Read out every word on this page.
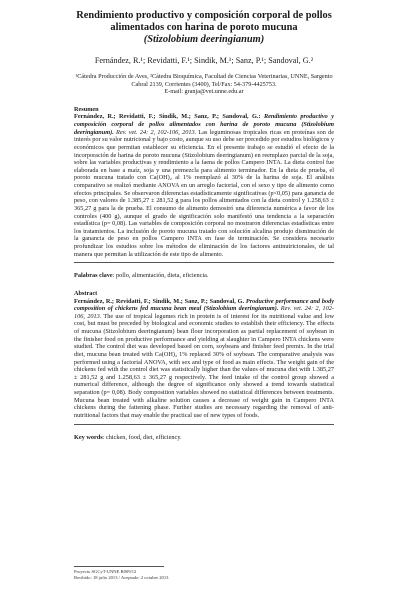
Rendimiento productivo y composición corporal de pollos
alimentados con harina de poroto mucuna
(Stizolobium deeringianum)
Fernández, R.¹; Revidatti, F.¹; Sindik, M.¹; Sanz, P.¹; Sandoval, G.²
¹Cátedra Producción de Aves, ²Cátedra Bioquímica, Facultad de Ciencias Veterinarias, UNNE, Sargento Cabral 2139, Corrientes (3400), Tel/Fax: 54-379-4425753.
E-mail: granja@vet.unne.edu.ar
Resumen
Fernández, R.; Revidatti, F.; Sindik, M.; Sanz, P.; Sandoval, G.: Rendimiento productivo y composición corporal de pollos alimentados con harina de poroto mucuna (Stizolobium deeringianum). Rev. vet. 24: 2, 102-106, 2013. Las leguminosas tropicales ricas en proteínas son de interés por su valor nutricional y bajo costo, aunque su uso debe ser precedido por estudios biológicos y económicos que permitan establecer su eficiencia. En el presente trabajo se estudió el efecto de la incorporación de harina de poroto mucuna (Stizolobium deeringianum) en reemplazo parcial de la soja, sobre las variables productivas y rendimiento a la faena de pollos Campero INTA. La dieta control fue elaborada en base a maíz, soja y una premezcla para alimento terminador. En la dieta de prueba, el poroto mucuna tratado con Ca(OH)₂ al 1% reemplazó al 30% de la harina de soja. El análisis comparativo se realizó mediante ANOVA en un arreglo factorial, con el sexo y tipo de alimento como efectos principales. Se observaron diferencias estadísticamente significativas (p<0,05) para ganancia de peso, con valores de 1.385,27 ± 281,52 g para los pollos alimentados con la dieta control y 1.258,63 ± 365,27 g para la de prueba. El consumo de alimento demostró una diferencia numérica a favor de los controles (400 g), aunque el grado de significación solo manifestó una tendencia a la separación estadística (p= 0,08). Las variables de composición corporal no mostraron diferencias estadísticas entre los tratamientos. La inclusión de poroto mucuna tratado con solución alcalina produjo disminución de la ganancia de peso en pollos Campero INTA en fase de terminación. Se considera necesario profundizar los estudios sobre los métodos de eliminación de los factores antinutricionales, de tal manera que permitan la utilización de este tipo de alimento.
Palabras clave: pollo, alimentación, dieta, eficiencia.
Abstract
Fernández, R.; Revidatti, F.; Sindik, M.; Sanz, P.; Sandoval, G. Productive performance and body composition of chickens fed mucuna bean meal (Stizolobium deeringianum). Rev. vet. 24: 2, 102-106, 2013. The use of tropical legumes rich in protein is of interest for its nutritional value and low cost, but must be preceded by biological and economic studies to establish their efficiency. The effects of mucuna (Stizolobium deeringianum) bean flour incorporation as partial replacement of soybean in the finisher food on productive performance and yielding at slaughter in Campero INTA chickens were studied. The control diet was developed based on corn, soybeans and finisher feed premix. In the trial diet, mucuna bean treated with Ca(OH)₂ 1% replaced 30% of soybean. The comparative analysis was performed using a factorial ANOVA, with sex and type of food as main effects. The weight gain of the chickens fed with the control diet was statistically higher than the values of mucuna diet with 1.385,27 ± 281,52 g and 1.258,63 ± 365,27 g respectively. The feed intake of the control group showed a numerical difference, although the degree of significance only showed a trend towards statistical separation (p= 0,08). Body composition variables showed no statistical differences between treatments. Mucuna bean treated with alkaline solution causes a decrease of weight gain in Campero INTA chickens during the fattening phase. Further studies are necessary regarding the removal of anti-nutritional factors that may enable the practical use of new types of foods.
Key words: chicken, food, diet, efficiency.
Proyecto SGCyT-UNNE B009/12
Recibido: 18 julio 2013 / Aceptado: 2 octubre 2013
